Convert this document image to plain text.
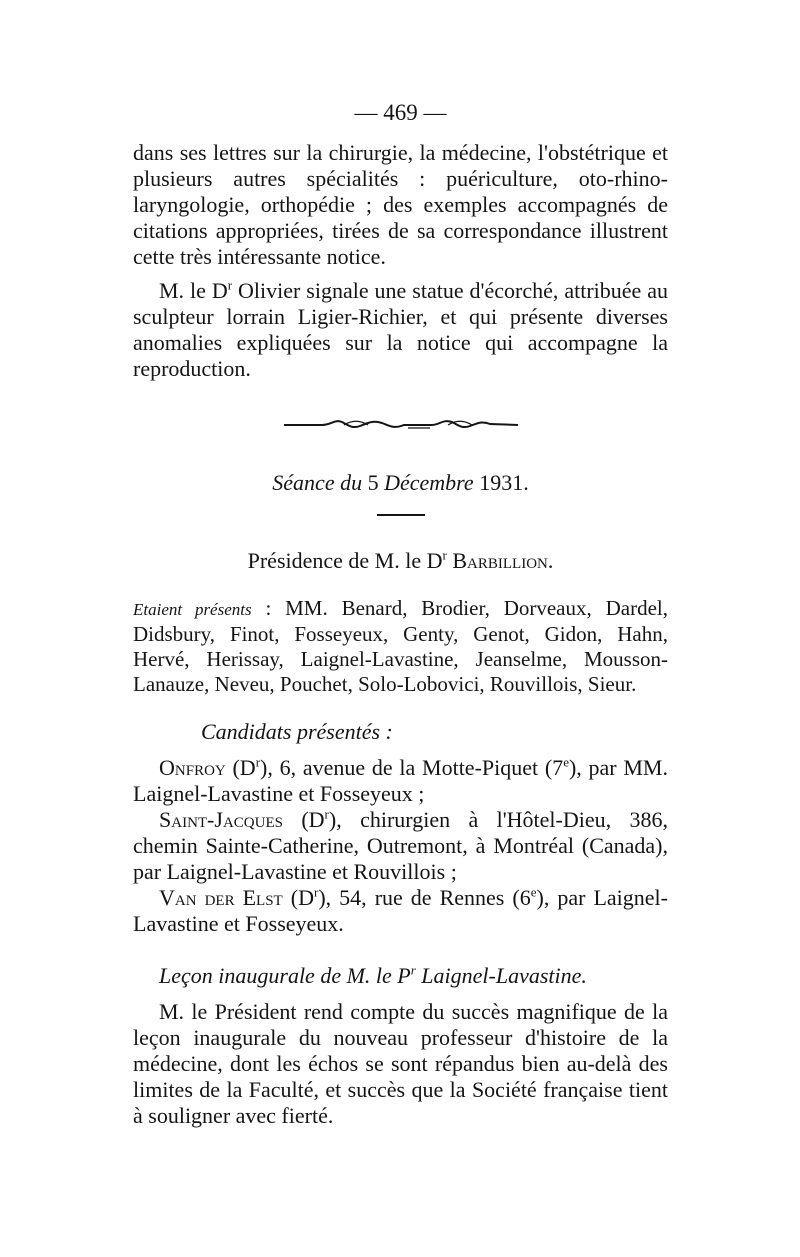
— 469 —

dans ses lettres sur la chirurgie, la médecine, l'obstétrique et plusieurs autres spécialités : puériculture, oto-rhino-laryngologie, orthopédie ; des exemples accompagnés de citations appropriées, tirées de sa correspondance illustrent cette très intéressante notice.

M. le $D^r$ Olivier signale une statue d'écorché, attribuée au sculpteur lorrain Ligier-Richier, et qui présente diverses anomalies expliquées sur la notice qui accompagne la reproduction.

Séance du 5 Décembre 1931.
Présidence de M. le $D^r$ Barbillion.

Etaient présents : MM. Benard, Brodier, Dorveaux, Dardel, Didsbury, Finot, Fosseyeux, Genty, Genot, Gidon, Hahn, Hervé, Herissay, Laignel-Lavastine, Jeanselme, Mousson-Lanauze, Neveu, Pouchet, Solo-Lobovici, Rouvillois, Sieur.

Candidats présentés :

Onfroy $(D^r)$, 6, avenue de la Motte-Piquet (7e), par MM. Laignel-Lavastine et Fosseyeux ;

Saint-Jacques $(D^r)$, chirurgien à l'Hôtel-Dieu, 386, chemin Sainte-Catherine, Outremont, à Montréal (Canada), par Laignel-Lavastine et Rouvillois ;

Van der Elst $(D^r)$, 54, rue de Rennes (6e), par Laignel-Lavastine et Fosseyeux.

Leçon inaugurale de M. le $P^r$ Laignel-Lavastine.

M. le Président rend compte du succès magnifique de la leçon inaugurale du nouveau professeur d'histoire de la médecine, dont les échos se sont répandus bien au-delà des limites de la Faculté, et succès que la Société française tient à souligner avec fierté.
